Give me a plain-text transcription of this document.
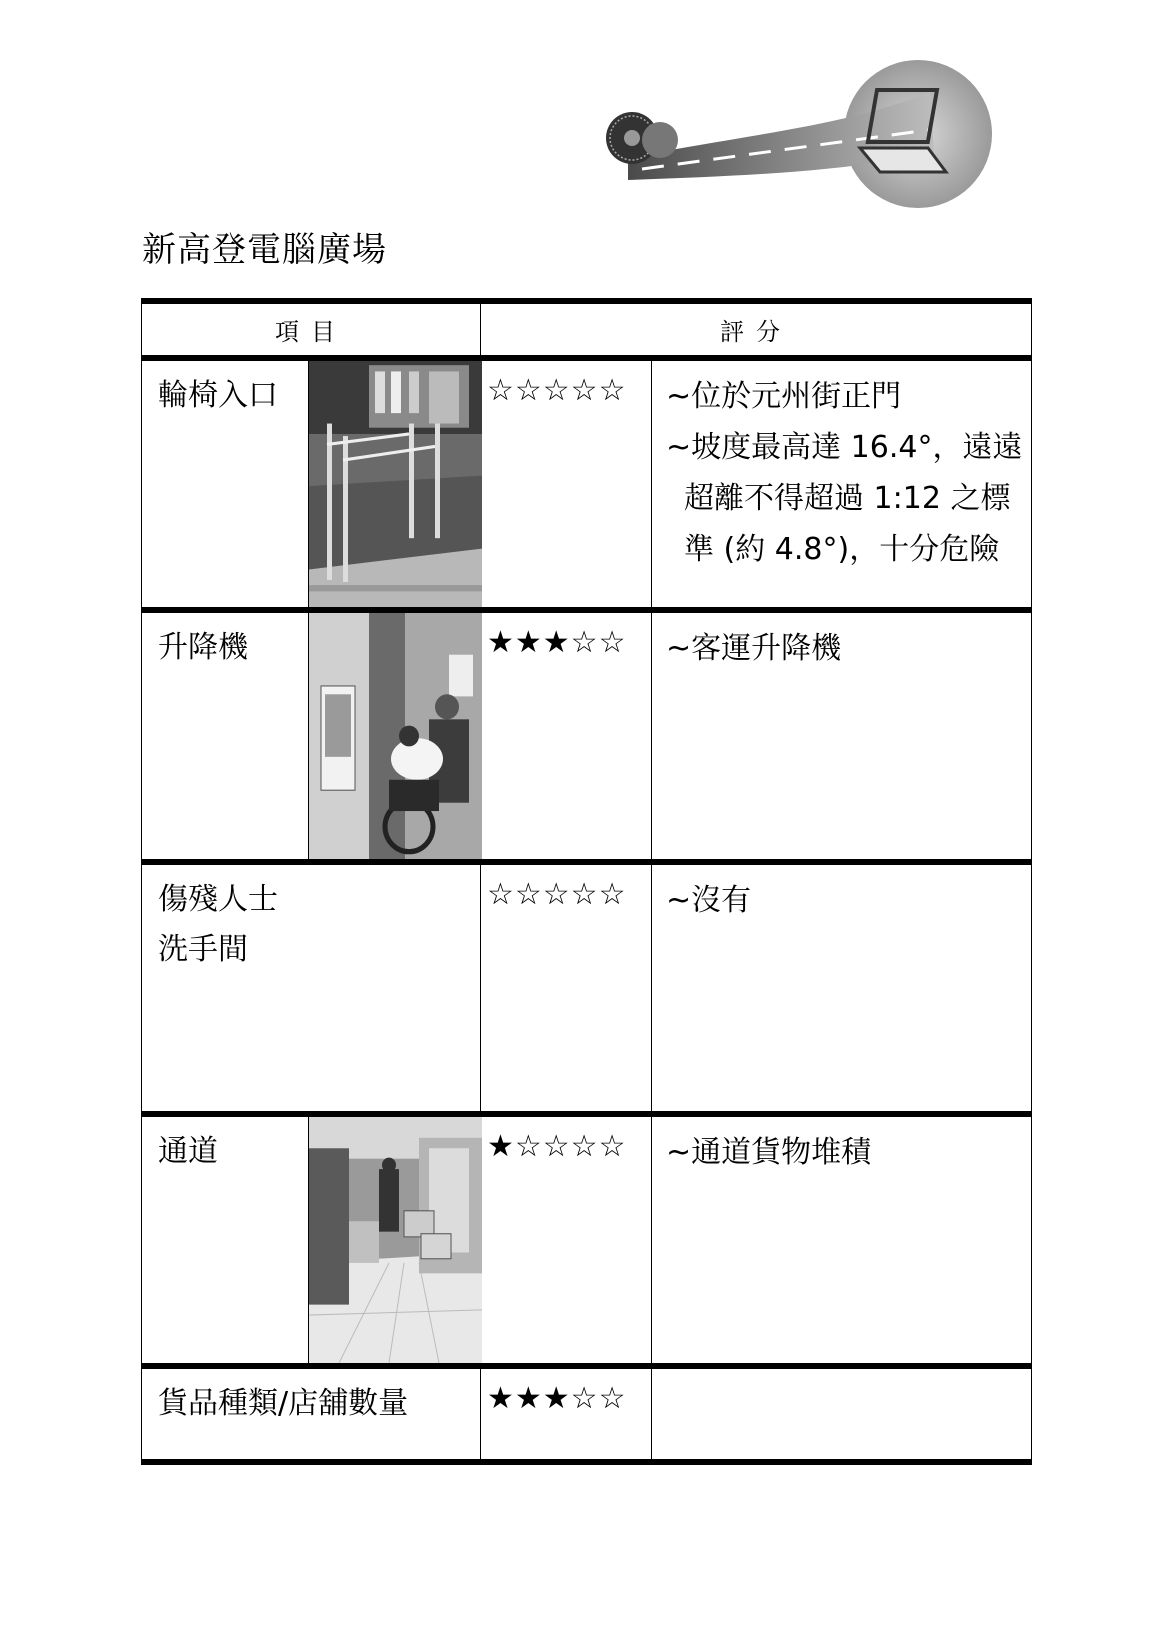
新高登電腦廣場
項目	評分	

輪椅入口	☆☆☆☆☆	~位於元州街正門
~坡度最高達 16.4°，遠遠
超離不得超過 1:12 之標
準 (約 4.8°)，十分危險

升降機	★★★☆☆	~客運升降機

傷殘人士
洗手間	☆☆☆☆☆	~沒有

通道	★☆☆☆☆	~通道貨物堆積

貨品種類/店舖數量	★★★☆☆	
